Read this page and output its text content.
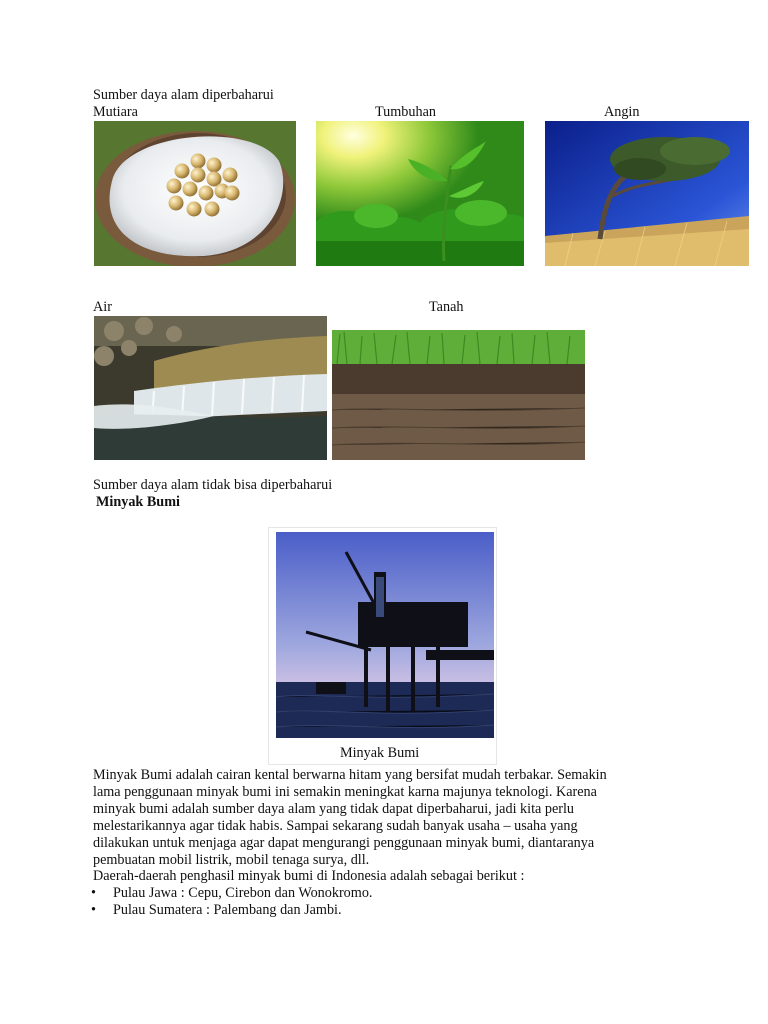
Sumber daya alam diperbaharui
Mutiara	Tumbuhan	Angin
Air	Tanah
Sumber daya alam tidak bisa diperbaharui
Minyak Bumi
Minyak Bumi

Minyak Bumi adalah cairan kental berwarna hitam yang bersifat mudah terbakar. Semakin

lama penggunaan minyak bumi ini semakin meningkat karna majunya teknologi. Karena

minyak bumi adalah sumber daya alam yang tidak dapat diperbaharui, jadi kita perlu

melestarikannya agar tidak habis. Sampai sekarang sudah banyak usaha – usaha yang

dilakukan untuk menjaga agar dapat mengurangi penggunaan minyak bumi, diantaranya

pembuatan mobil listrik, mobil tenaga surya, dll.

Daerah-daerah penghasil minyak bumi di Indonesia adalah sebagai berikut :

• Pulau Jawa : Cepu, Cirebon dan Wonokromo.
• Pulau Sumatera : Palembang dan Jambi.
